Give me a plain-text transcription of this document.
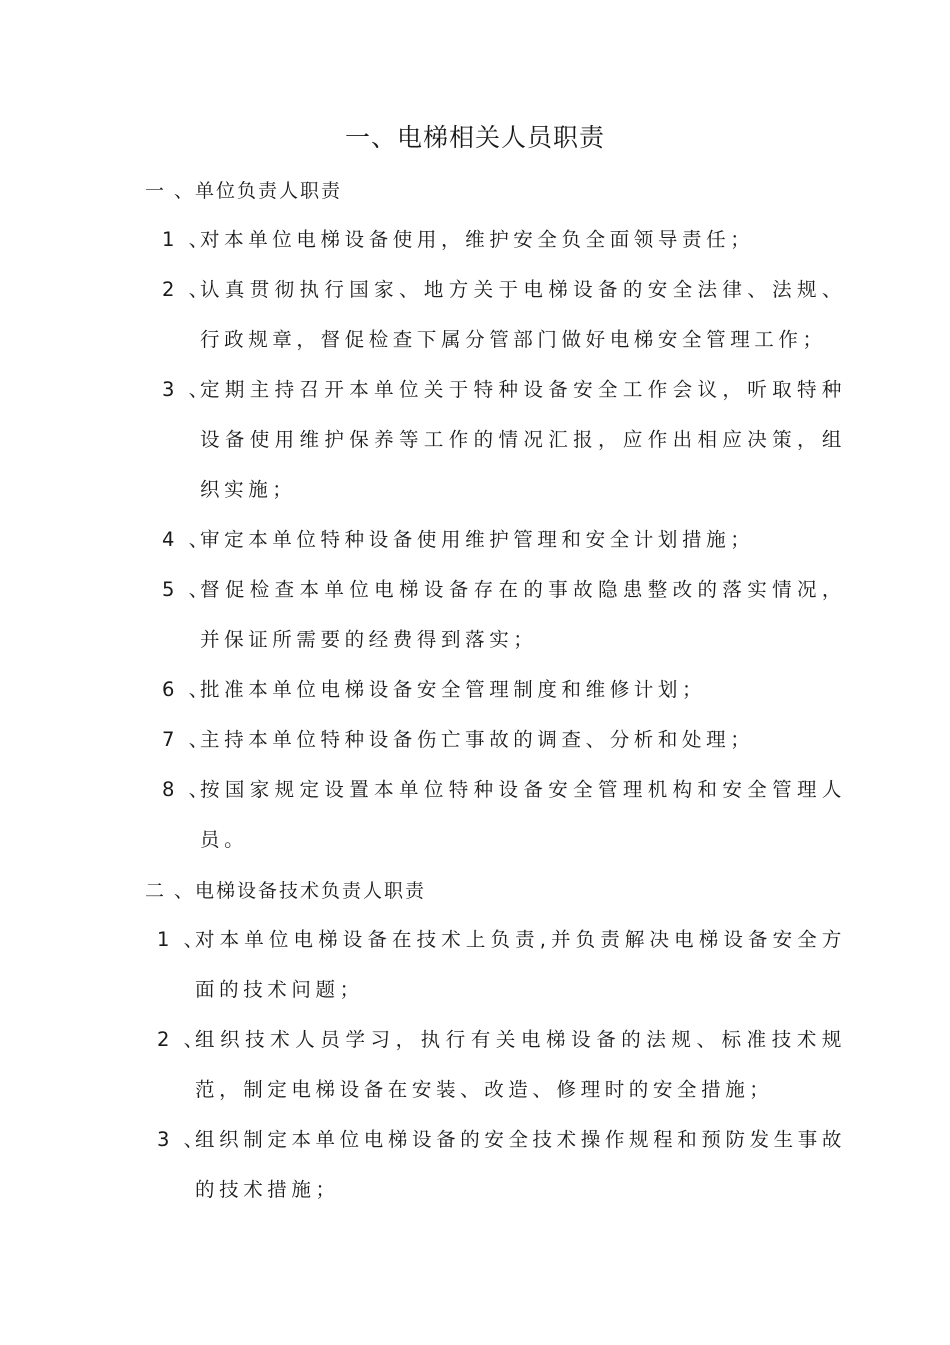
一、电梯相关人员职责
一 、单位负责人职责
1 、
对本单位电梯设备使用，维护安全负全面领导责任；
2 、
认真贯彻执行国家、地方关于电梯设备的安全法律、法规、行政规章，督促检查下属分管部门做好电梯安全管理工作；
3 、
定期主持召开本单位关于特种设备安全工作会议，听取特种设备使用维护保养等工作的情况汇报，应作出相应决策，组织实施；
4 、
审定本单位特种设备使用维护管理和安全计划措施；
5 、
督促检查本单位电梯设备存在的事故隐患整改的落实情况，并保证所需要的经费得到落实；
6 、
批准本单位电梯设备安全管理制度和维修计划；
7 、
主持本单位特种设备伤亡事故的调查、分析和处理；
8 、
按国家规定设置本单位特种设备安全管理机构和安全管理人员。
二 、电梯设备技术负责人职责
1 、
对本单位电梯设备在技术上负责,并负责解决电梯设备安全方面的技术问题；
2 、
组织技术人员学习，执行有关电梯设备的法规、标准技术规范，制定电梯设备在安装、改造、修理时的安全措施；
3 、
组织制定本单位电梯设备的安全技术操作规程和预防发生事故的技术措施；
